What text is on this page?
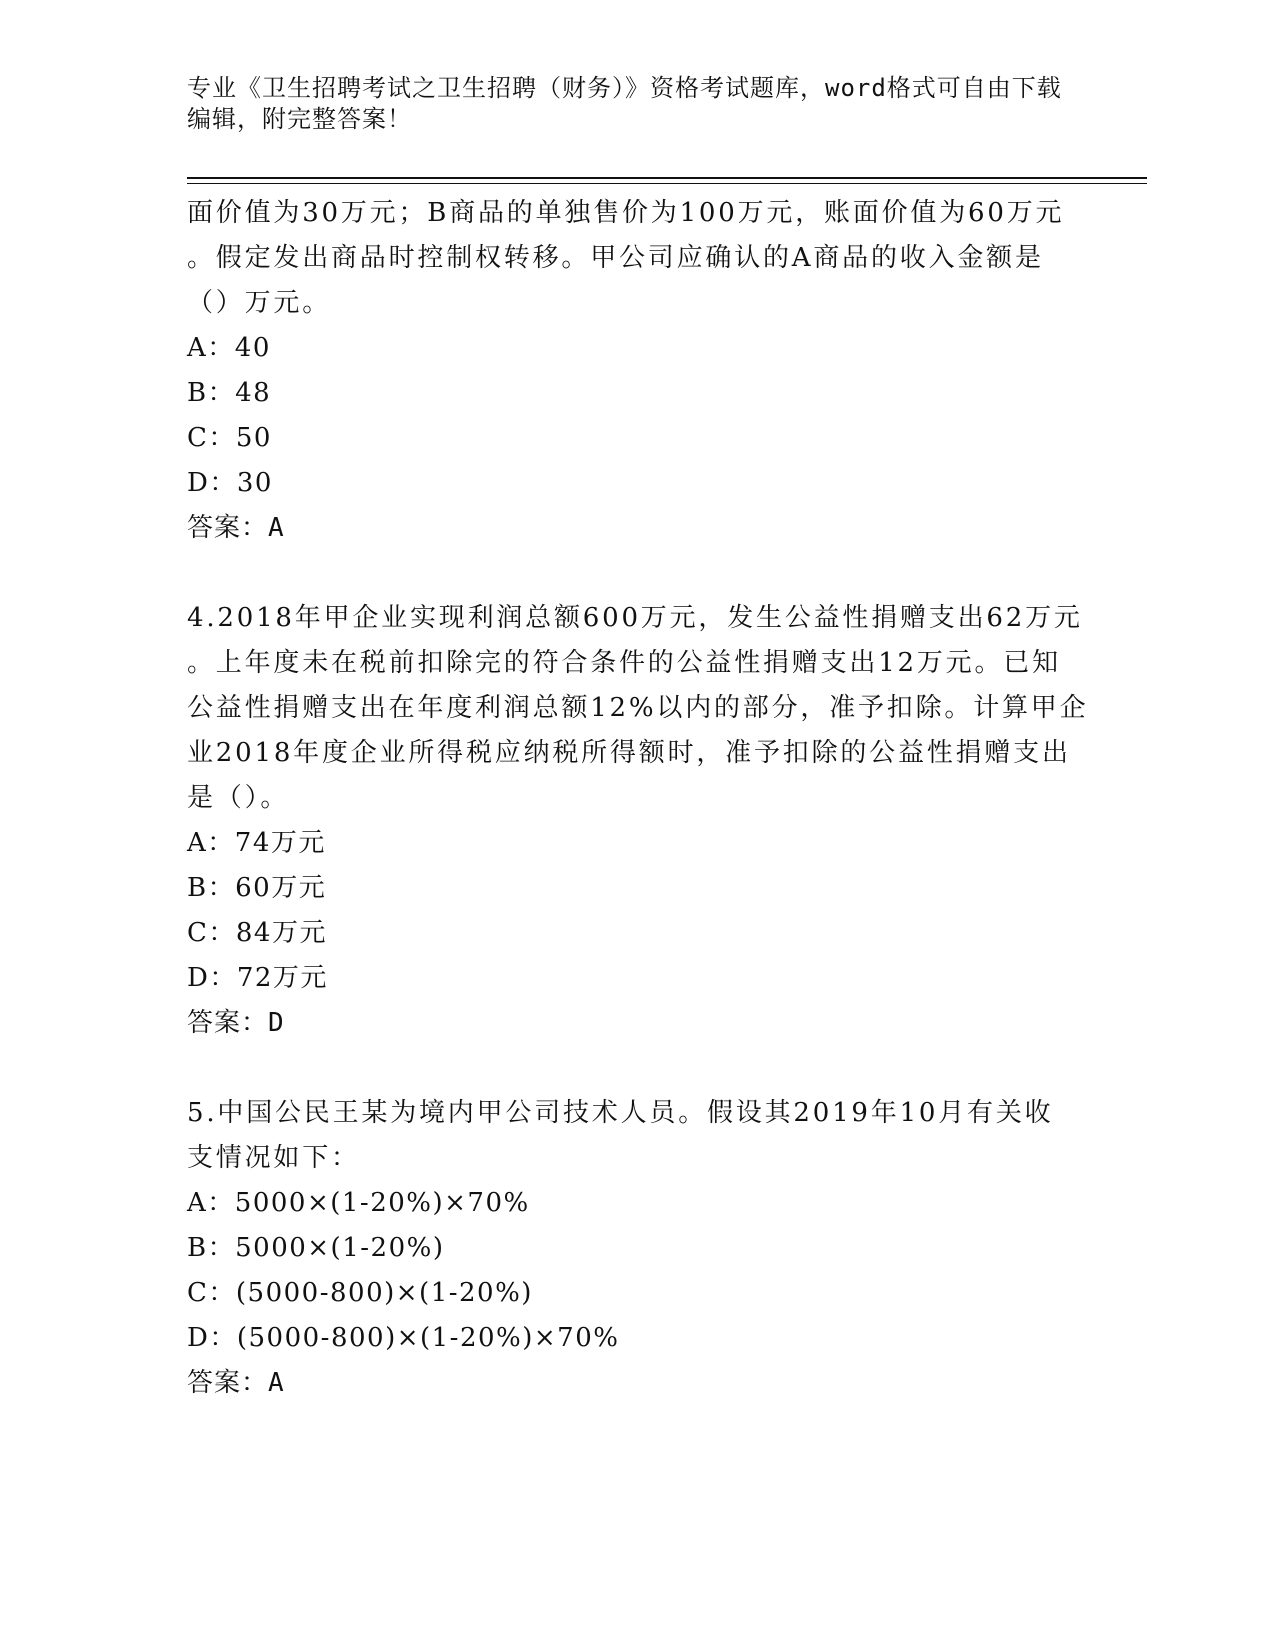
专业《卫生招聘考试之卫生招聘（财务）》资格考试题库，word格式可自由下载
编辑，附完整答案！
面价值为30万元；B商品的单独售价为100万元，账面价值为60万元
。假定发出商品时控制权转移。甲公司应确认的A商品的收入金额是
（）万元。
A：40
B：48
C：50
D：30
答案：A
4.2018年甲企业实现利润总额600万元，发生公益性捐赠支出62万元
。上年度未在税前扣除完的符合条件的公益性捐赠支出12万元。已知
公益性捐赠支出在年度利润总额12%以内的部分，准予扣除。计算甲企
业2018年度企业所得税应纳税所得额时，准予扣除的公益性捐赠支出
是（）。
A：74万元
B：60万元
C：84万元
D：72万元
答案：D
5.中国公民王某为境内甲公司技术人员。假设其2019年10月有关收
支情况如下：
A：5000×(1-20%)×70%
B：5000×(1-20%)
C：(5000-800)×(1-20%)
D：(5000-800)×(1-20%)×70%
答案：A
